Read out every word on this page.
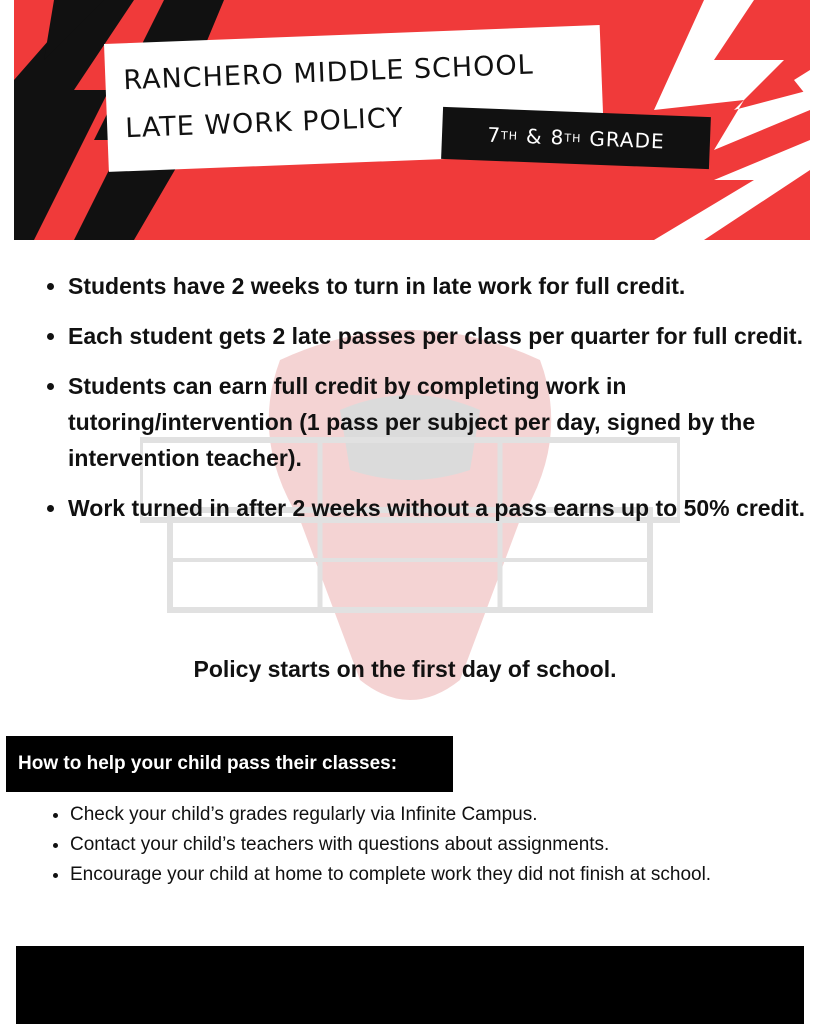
RANCHERO MIDDLE SCHOOL
LATE WORK POLICY	7 TH & 8 TH GRADE
• Students have 2 weeks to turn in late work for full credit.
• Each student gets 2 late passes per class per quarter for full credit.
• Students can earn full credit by completing work in tutoring/intervention (1 pass per subject per day, signed by the intervention teacher).
• Work turned in after 2 weeks without a pass earns up to 50% credit.
Policy starts on the first day of school.
How to help your child pass their classes:
• Check your child’s grades regularly via Infinite Campus.
• Contact your child’s teachers with questions about assignments.
• Encourage your child at home to complete work they did not finish at school.
